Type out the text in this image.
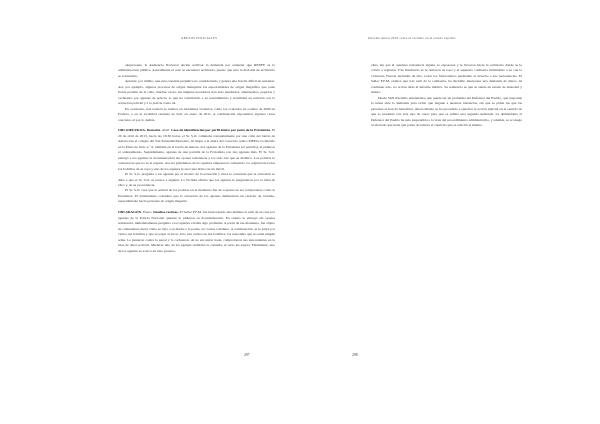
ABUSOS POLICIALES

alegaciones, la Audiencia Nacional decide archivar la demanda por entender que RENFE es la administración pública. Actualmente el caso se encuentra archivado, puesto que solo la decisión de archivarlo se sobreseído.

Apuntar, por último, que esta cuestión perjudica no considerando y genera una brecha difícil de restaurar. Así, por ejemplo, algunos procesos de origen manejante los especialidades de origen magnífico que pone frente perdida de la calle, muchas veces, sin ninguna necesidad, han sido insultados, amenazados, pegados y cacheados por agentes de policía, lo que ha contribuido a su resentimiento y hostilidad en relación con la actuación policial y a la policía como tal.

En ocasiones, esta tensión se traduce en incidentes violentos, como los ocurridos en octubre de 2009 en Francia, o en la localidad catalana de Salt, en enero de 2011. A continuación exponemos algunos casos concretos al por lo demás.

OID GIPUZKOA. Donostia. Abril. Caso de identificación por perfil étnico por parte de la Ertzaintza. El 20 de abril de 2013, hacia las 16:30 horas, el Sr. S.O. caminaba tranquilamente por una calle del barrio de Amara tras el colegio del San Sebastián/Donostia. Al llegar a la altura del conocido centro MEEO, localizado en la Plaza de Irun, n.º 6, también en el barrio de Amara, dos agentes de la Ertzaintza (el patrulla), le pidieron el ordenamiento. Seguidamente, agentes de una patrulla de la Ertzaintza con dos agentes más. El Sr. S.O. entregó a los agentes la documentación sin oponer resistencia y los sólo tras que su diablico. Los policías le contestaron que no se le respeta. Así era glanduloso de los agentes empezaron cacheando. Le registraron todos los bolsillos de su ropa y uno de los agentes le sacó una tirita con un móvil.

El Sr. S.O. pregunta a los agentes por el motivo de la actuación y éstos le contestan que la actuación se debe a que el Sr. S.O. se parece a alguien. La Víctima afirma que los agentes le preguntaron por la tribu de ellos y, de su procedencia.

El Sr. S.O. cree que la actitud de los policías en el momento fue de sorpresa en ser comportarse como la Ertzaintza. El demandante considera que la actuación de los agentes demuestran un carácter de racismo, especialmente hacia personas de origen magrebí.

OID ARAGÓN. Enero. Insultos racistas. El Señor F.F.M. fue interceptado una mañana al salir de su casa por agentes de la Policía Nacional quienes le pidieron su documentación. En cuanto le entregó sin oponer resistencia, inmediatamente pregunto a los agentes a habla algo problema. A partir de ese momento, fue objeto de comentarios hacia cómo se vino a su madre a la patria, etc varios a mañero. A continuación, se le palpa por varios sus bolsillos y que se pagar al arroz. Uno tras cacheo en sus bolsillos, los respondió que no tenía ningún arma. Le pusieron contra la pared y lo cachearon. Al no encontrar nada, comprobaron sus antecedentes en la base de datos policial. Mientras uno de los agentes realizaba la consulta, el resto les espera. Finalmente, uno de los agentes se acerca en tono grosero-

297
Informe Anual 2016 sobre el racismo en el estado español

ciles, sin que él opusiera resistencia alguna, le esposaron y le llevaron hacia la comisaría donde se le volvió a registrar. Tras finalizarlo se le retiraron su ropa y el supuesto comisario intimidarle a su con la violencia. Fueron incluidas de ello, todos los funcionarios perdiendo el derecho a sus pertenencias. El Señor F.F.M. explica que tras salir de la comisaría, ha decidido interponer una demanda de abuso. Al continuar esto, no le han dado el informe médico. Su tendencia es que se sienta en estado de ansiedad y miedo.

Desde SOS Racismo entendemos que puede ser un problema del Defensor del Pueblo, que responde la tutela ante la demanda para evitar que lleguen a nuestras instancias, sin que se pidan las que las personas se han de beneficiar. Ahora mismo se ha procedido a ejercitar la acción judicial en el sentido de que es prudente con este tipo de casos para que se remita una segunda demanda. La demandante al Defensor del Pueblo ha sido suspendida a la vista del procedimiento administrativo, y además, se aconseja al afectado que tiene que poner de relieve el capricho que se solicitó el mismo.

298
